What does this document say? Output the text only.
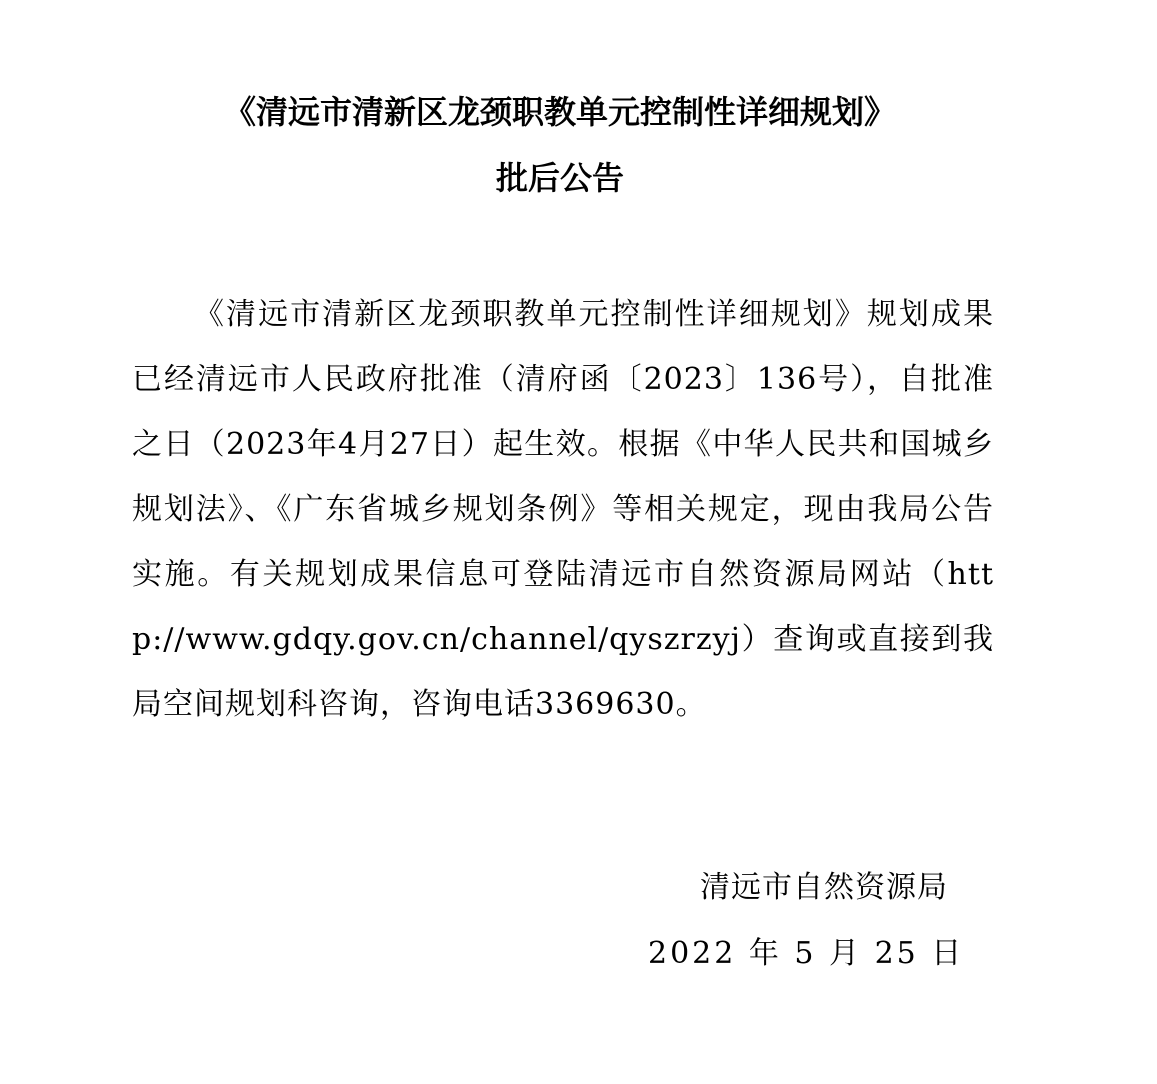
《清远市清新区龙颈职教单元控制性详细规划》
批后公告
《清远市清新区龙颈职教单元控制性详细规划》规划成果已经清远市人民政府批准（清府函〔2023〕136号），自批准之日（2023年4月27日）起生效。根据《中华人民共和国城乡规划法》、《广东省城乡规划条例》等相关规定，现由我局公告实施。有关规划成果信息可登陆清远市自然资源局网站（http://www.gdqy.gov.cn/channel/qyszrzyj）查询或直接到我局空间规划科咨询，咨询电话3369630。
清远市自然资源局
2022 年 5 月 25 日
